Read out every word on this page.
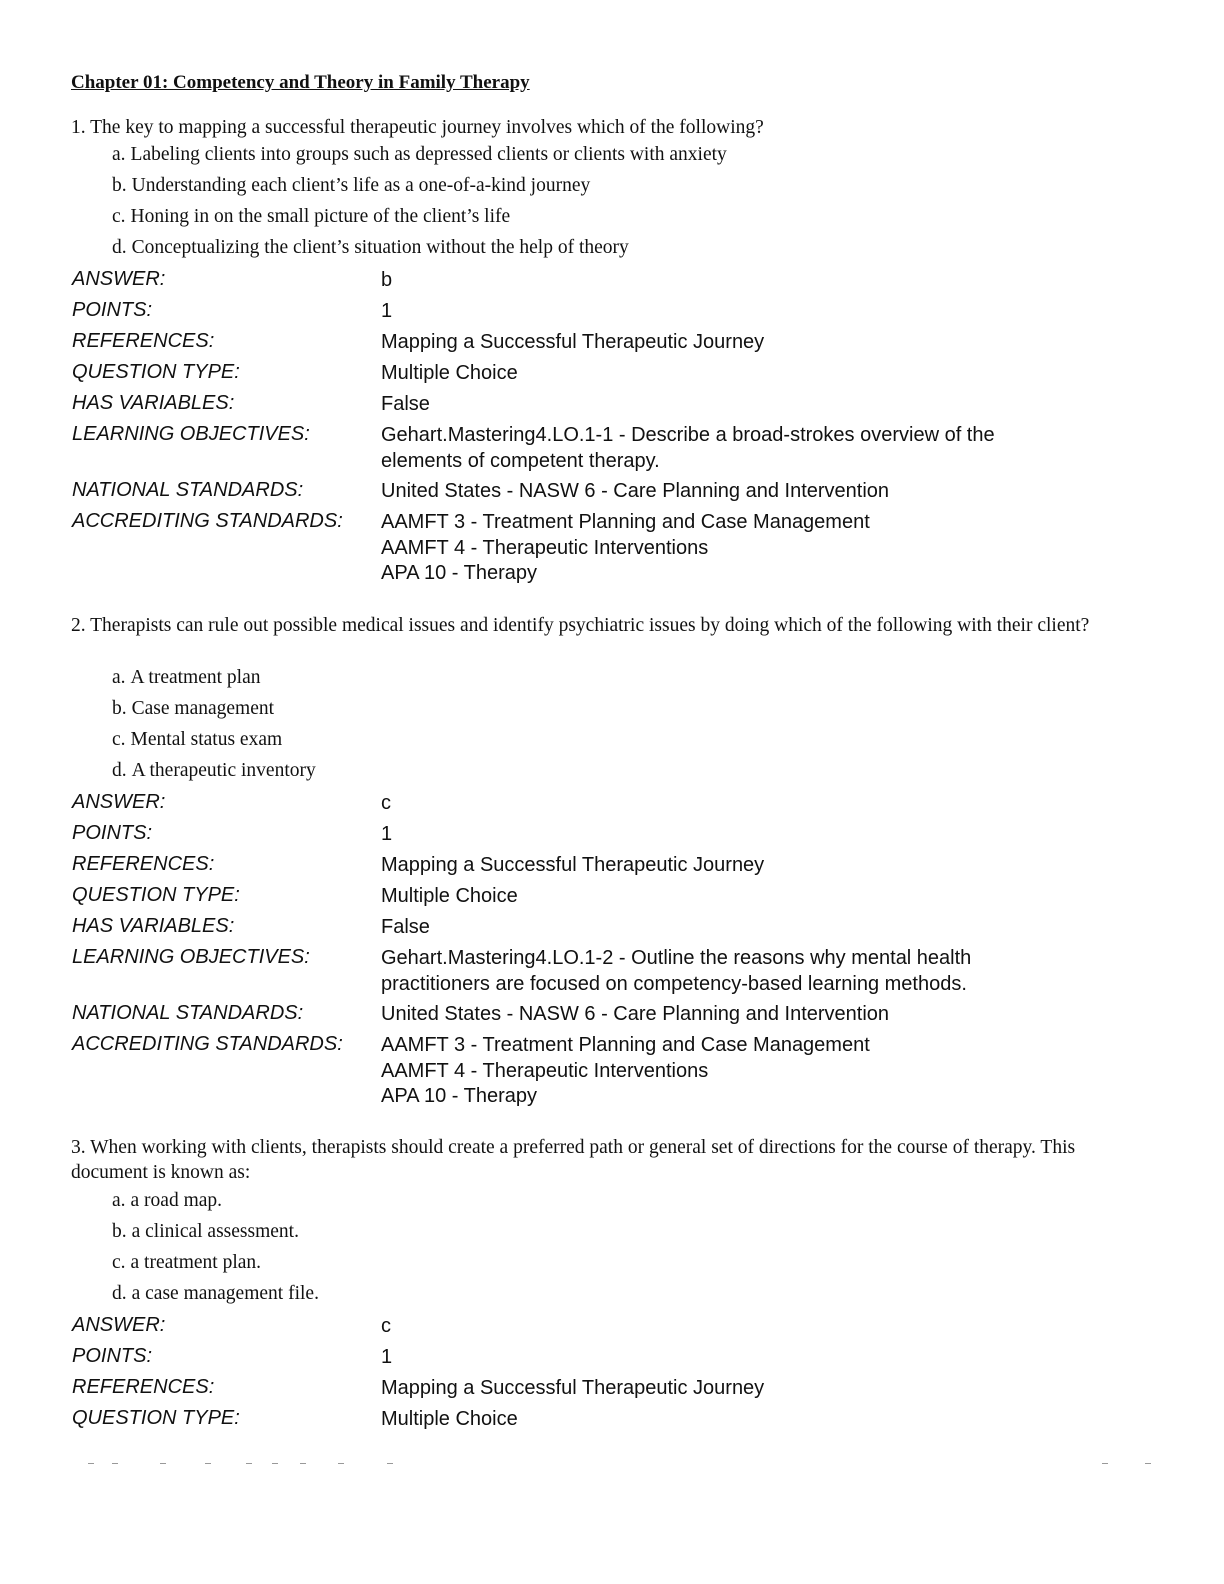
Chapter 01: Competency and Theory in Family Therapy
1. The key to mapping a successful therapeutic journey involves which of the following?
a. Labeling clients into groups such as depressed clients or clients with anxiety
b. Understanding each client’s life as a one-of-a-kind journey
c. Honing in on the small picture of the client’s life
d. Conceptualizing the client’s situation without the help of theory
ANSWER:	b
POINTS:	1
REFERENCES:	Mapping a Successful Therapeutic Journey
QUESTION TYPE:	Multiple Choice
HAS VARIABLES:	False
LEARNING OBJECTIVES:	Gehart.Mastering4.LO.1-1 - Describe a broad-strokes overview of the
elements of competent therapy.
NATIONAL STANDARDS:	United States - NASW 6 - Care Planning and Intervention
ACCREDITING STANDARDS: AAMFT 3 - Treatment Planning and Case Management
AAMFT 4 - Therapeutic Interventions
APA 10 - Therapy
2. Therapists can rule out possible medical issues and identify psychiatric issues by doing which of the following with their client?
a. A treatment plan
b. Case management
c. Mental status exam
d. A therapeutic inventory
ANSWER:	c
POINTS:	1
REFERENCES:	Mapping a Successful Therapeutic Journey
QUESTION TYPE:	Multiple Choice
HAS VARIABLES:	False
LEARNING OBJECTIVES:	Gehart.Mastering4.LO.1-2 - Outline the reasons why mental health
practitioners are focused on competency-based learning methods.
NATIONAL STANDARDS:	United States - NASW 6 - Care Planning and Intervention
ACCREDITING STANDARDS: AAMFT 3 - Treatment Planning and Case Management
AAMFT 4 - Therapeutic Interventions
APA 10 - Therapy
3. When working with clients, therapists should create a preferred path or general set of directions for the course of therapy. This document is known as:
a. a road map.
b. a clinical assessment.
c. a treatment plan.
d. a case management file.
ANSWER:	c
POINTS:	1
REFERENCES:	Mapping a Successful Therapeutic Journey
QUESTION TYPE:	Multiple Choice
